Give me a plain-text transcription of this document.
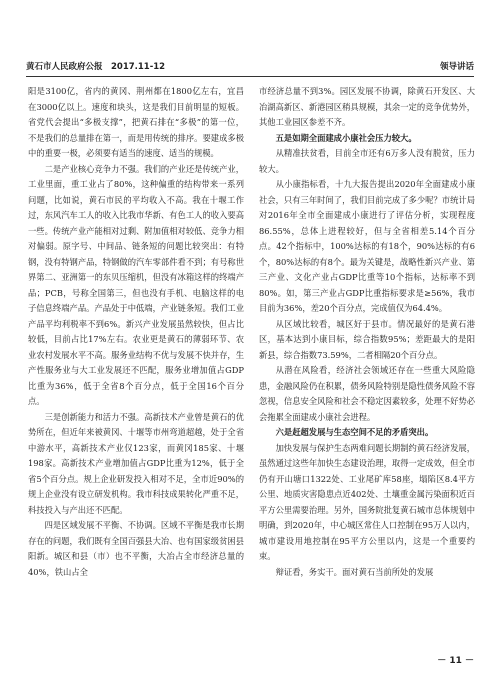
黄石市人民政府公报　2017.11-12	领导讲话

阳是3100亿，省内的黄冈、荆州都在1800亿左右，宜昌在3000亿以上。速度和块头，这是我们目前明显的短板。省党代会提出“多极支撑”，把黄石排在“多极”的第一位，不是我们的总量排在第一，而是用传统的排序。要建成多极中的重要一极，必须要有适当的速度、适当的规模。

二是产业核心竞争力不强。我们的产业还是传统产业，工业里面，重工业占了80%，这种偏重的结构带来一系列问题，比如说，黄石市民的平均收入不高。我在十堰工作过，东风汽车工人的收入比我市华新、有色工人的收入要高一些。传统产业产能相对过剩、附加值相对较低、竞争力相对偏弱。原字号、中间品、链条短的问题比较突出：有特钢，没有特钢产品，特钢做的汽车零部件看不到；有号称世界第二、亚洲第一的东贝压缩机，但没有冰箱这样的终端产品；PCB，号称全国第三，但也没有手机、电脑这样的电子信息终端产品。产品处于中低端，产业链条短。我们工业产品平均利税率不到6%。新兴产业发展虽然较快，但占比较低，目前占比17%左右。农业更是黄石的薄弱环节、农业农村发展水平不高。服务业结构不优与发展不快并存，生产性服务业与大工业发展还不匹配，服务业增加值占GDP比重为36%，低于全省8个百分点，低于全国16个百分点。

三是创新能力和活力不强。高新技术产业曾是黄石的优势所在，但近年来被黄冈、十堰等市州弯道超越，处于全省中游水平，高新技术产业仅123家，而黄冈185家、十堰198家。高新技术产业增加值占GDP比重为12%，低于全省5个百分点。规上企业研发投入相对不足，全市近90%的规上企业没有设立研发机构。我市科技成果转化严重不足，科技投入与产出还不匹配。

四是区域发展不平衡、不协调。区域不平衡是我市长期存在的问题，我们既有全国百强县大冶、也有国家级贫困县阳新。城区和县（市）也不平衡，大冶占全市经济总量的40%，铁山占全

市经济总量不到3%。园区发展不协调，除黄石开发区、大冶湖高新区、新港园区稍具规模，其余一定的竞争优势外，其他工业园区参差不齐。

五是如期全面建成小康社会压力较大。

从精准扶贫看，目前全市还有6万多人没有脱贫，压力较大。

从小康指标看，十九大报告提出2020年全面建成小康社会，只有三年时间了，我们目前完成了多少呢？市统计局对2016年全市全面建成小康进行了评估分析，实现程度86.55%，总体上进程较好，但与全省相差5.14个百分点。42个指标中，100%达标的有18个，90%达标的有6个，80%达标的有8个。最为关键是，战略性新兴产业、第三产业、文化产业占GDP比重等10个指标，达标率不到80%。如，第三产业占GDP比重指标要求是≥56%，我市目前为36%，差20个百分点，完成值仅为64.4%。

从区域比较看，城区好于县市。情况最好的是黄石港区，基本达到小康目标，综合指数95%；差距最大的是阳新县，综合指数73.59%，二者相隔20个百分点。

从潜在风险看，经济社会领域还存在一些重大风险隐患，金融风险仍在积累，债务风险特别是隐性债务风险不容忽视，信息安全风险和社会不稳定因素较多，处理不好势必会拖累全面建成小康社会进程。

六是赶超发展与生态空间不足的矛盾突出。

加快发展与保护生态两难问题长期制约黄石经济发展，虽然通过这些年加快生态建设治理，取得一定成效，但全市仍有开山塘口1322处、工业尾矿库58座，塌陷区8.4平方公里、地质灾害隐患点近402处、土壤重金属污染面积近百平方公里需要治理。另外，国务院批复黄石城市总体规划中明确，到2020年，中心城区常住人口控制在95万人以内，城市建设用地控制在95平方公里以内，这是一个重要约束。

辩证看，务实干。面对黄石当前所处的发展

－ 11 －
